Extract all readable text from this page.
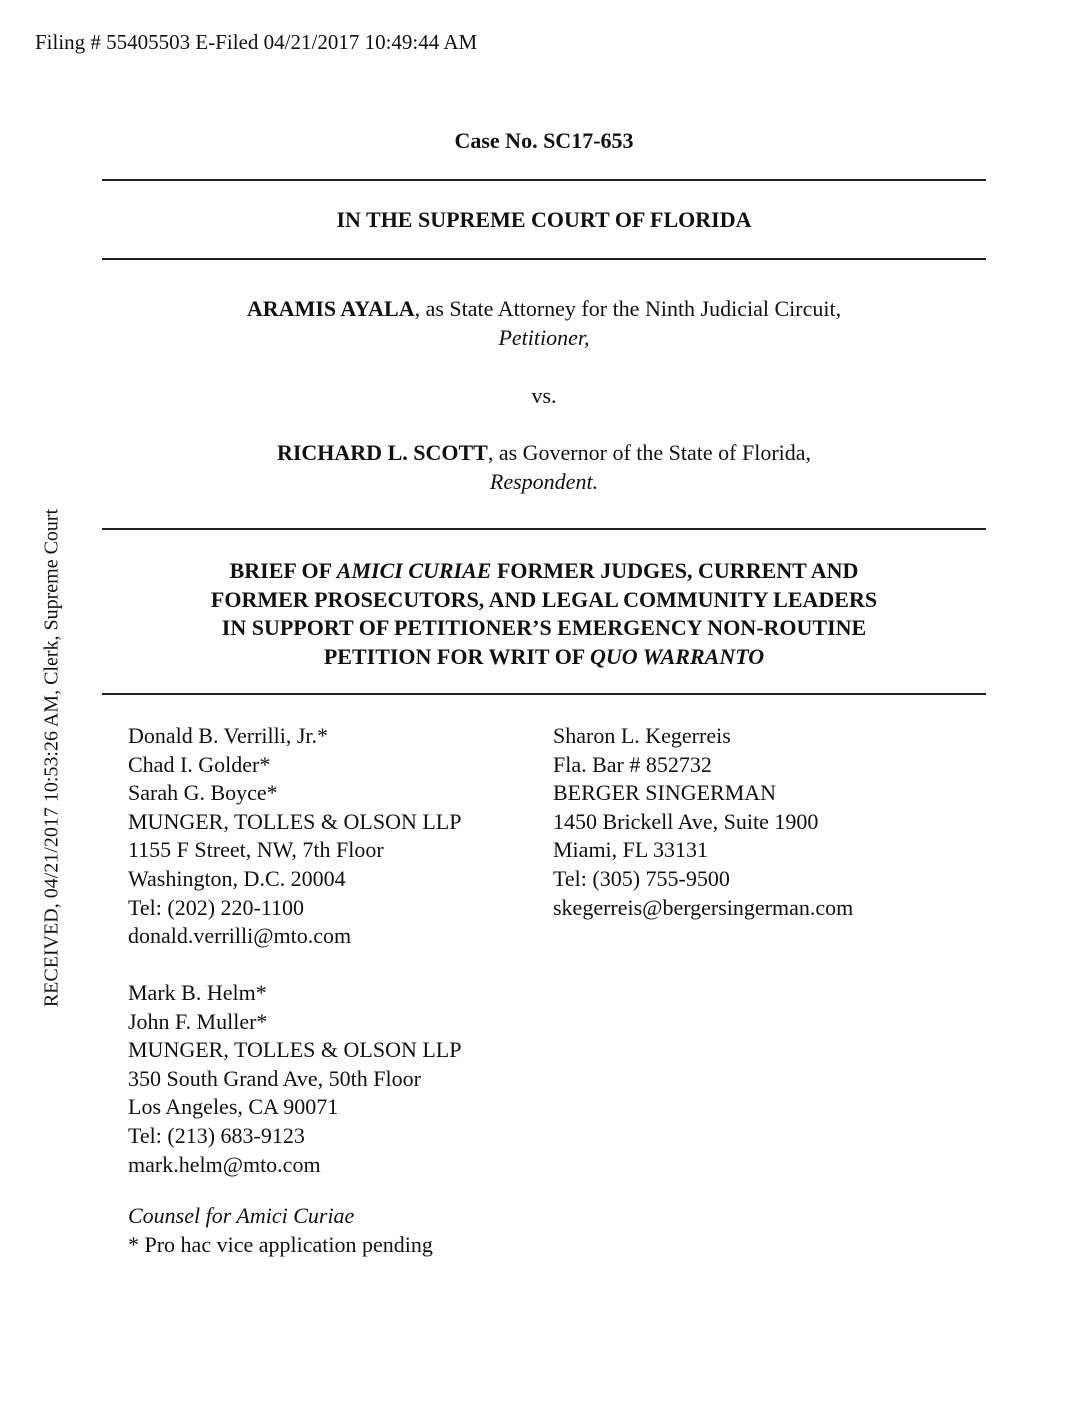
Filing # 55405503 E-Filed 04/21/2017 10:49:44 AM
RECEIVED, 04/21/2017 10:53:26 AM, Clerk, Supreme Court
Case No. SC17-653
IN THE SUPREME COURT OF FLORIDA
ARAMIS AYALA, as State Attorney for the Ninth Judicial Circuit,
Petitioner,
vs.
RICHARD L. SCOTT, as Governor of the State of Florida,
Respondent.
BRIEF OF AMICI CURIAE FORMER JUDGES, CURRENT AND
FORMER PROSECUTORS, AND LEGAL COMMUNITY LEADERS
IN SUPPORT OF PETITIONER’S EMERGENCY NON-ROUTINE
PETITION FOR WRIT OF QUO WARRANTO
Donald B. Verrilli, Jr.*
Chad I. Golder*
Sarah G. Boyce*
MUNGER, TOLLES & OLSON LLP
1155 F Street, NW, 7th Floor
Washington, D.C. 20004
Tel: (202) 220-1100
donald.verrilli@mto.com
Sharon L. Kegerreis
Fla. Bar # 852732
BERGER SINGERMAN
1450 Brickell Ave, Suite 1900
Miami, FL 33131
Tel: (305) 755-9500
skegerreis@bergersingerman.com
Mark B. Helm*
John F. Muller*
MUNGER, TOLLES & OLSON LLP
350 South Grand Ave, 50th Floor
Los Angeles, CA 90071
Tel: (213) 683-9123
mark.helm@mto.com
Counsel for Amici Curiae
* Pro hac vice application pending
